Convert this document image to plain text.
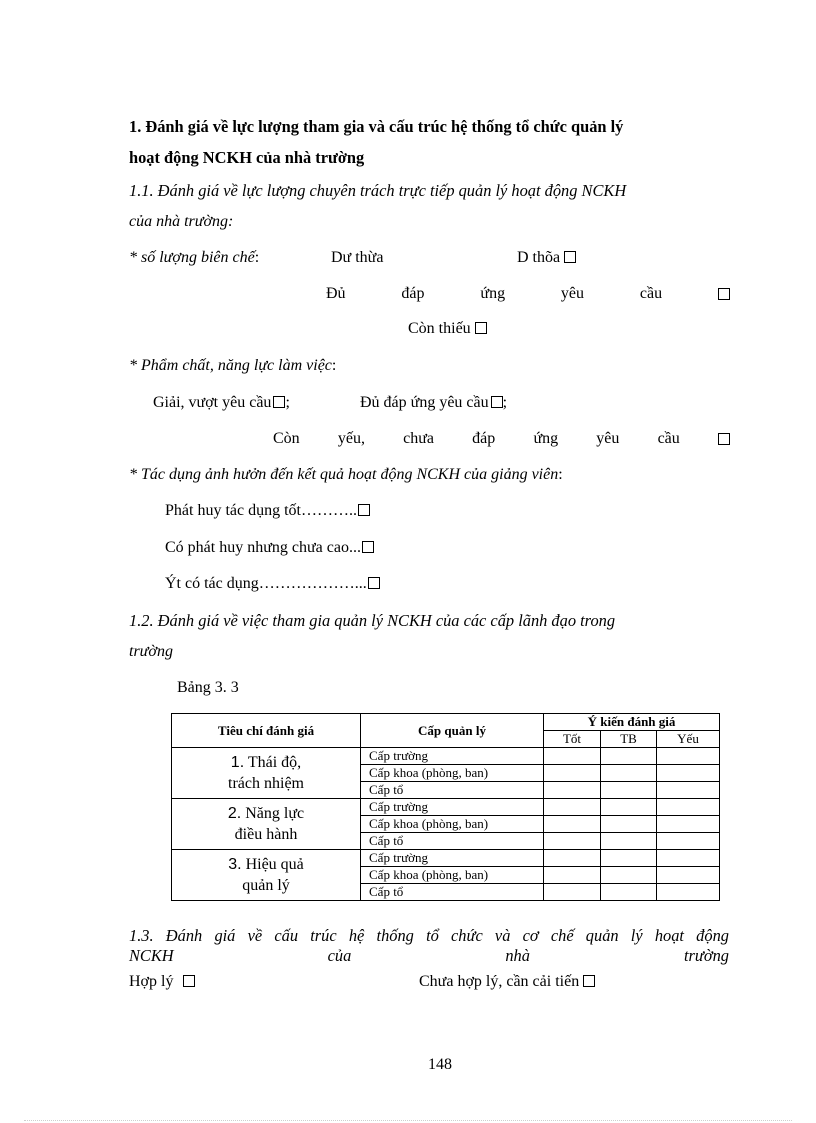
1. Đánh giá về lực lượng tham gia và cấu trúc hệ thống tổ chức quản lý
hoạt động NCKH của nhà trường
1.1. Đánh giá về lực lượng chuyên trách trực tiếp quản lý hoạt động NCKH
của nhà trường:
* số lượng biên chế:	Dư thừa	D thõa
Đủ	đáp	ứng	yêu	cầu
Còn thiếu
* Phẩm chất, năng lực làm việc:
Giải, vượt yêu cầu ;	Đủ đáp ứng yêu cầu ;
Còn yếu, chưa đáp ứng yêu cầu
* Tác dụng ảnh hưởn đến kết quả hoạt động NCKH của giảng viên:
Phát huy tác dụng tốt………..
Có phát huy nhưng chưa cao...
Ýt có tác dụng………………...
1.2. Đánh giá về việc tham gia quản lý NCKH của các cấp lãnh đạo trong
trường
Bảng 3. 3
Tiêu chí đánh giá	Cấp quản lý	Ý kiến đánh giá		
		Tốt	TB	Yếu
1. Thái độ,
trách nhiệm	Cấp trường			
	Cấp khoa (phòng, ban)			
	Cấp tổ			
2. Năng lực
điều hành	Cấp trường			
	Cấp khoa (phòng, ban)			
	Cấp tổ			
3. Hiệu quả
quản lý	Cấp trường			
	Cấp khoa (phòng, ban)			
	Cấp tổ			
1.3. Đánh giá về cấu trúc hệ thống tổ chức và cơ chế quản lý hoạt động
NCKH	của	nhà	trường
Hợp lý	Chưa hợp lý, cần cải tiến
148
